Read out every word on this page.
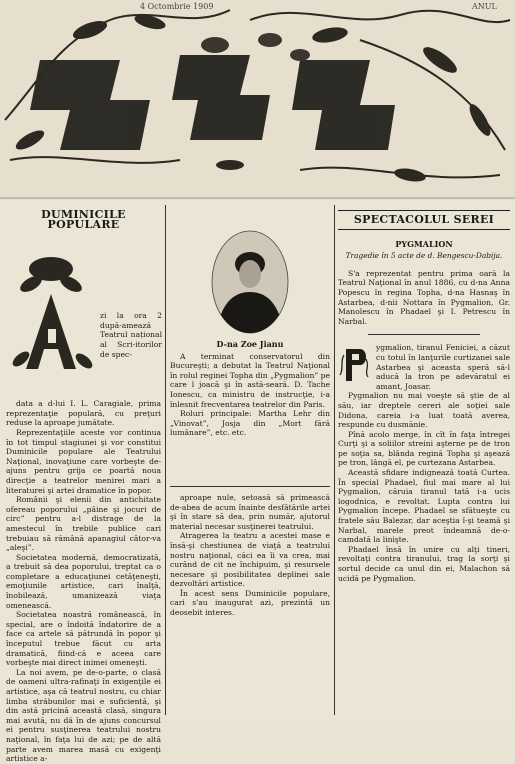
4 Octombrie 1909	ANUL
DUMINICILE POPULARE
zi la ora 2 după-amează Teatrul național al Scri-itorilor de spec-

data a d-lui I. L. Caragiale, prima reprezentaţie populară, cu preţuri reduse la aproape jumătate.

Reprezentaţiile aceste vor continua în tot timpul stagiunei şi vor constitui Duminicile populare ale Teatrului Naţional, inovaţiune care vorbeşte de-ajuns pentru grija ce poartă noua direcţie a teatrelor menirei mari a literaturei şi artei dramatice în popor.

Românii şi elenii din antichitate ofereau poporului „pâine şi jocuri de circ” pentru a-l distrage de la amestecul în trebile publice cari trebuiau să rămână apanagiul câtor-va „aleşi”.

Societatea modernă, democratizată, a trebuit să dea poporului, treptat ca o completare a educaţiunei cetăţeneşti, emoţiunile artistice, cari înalţă, înobilează, umanizează viaţa omenească.

Societatea noastră românească, în special, are o îndoită îndatorire de a face ca artele să pătrundă în popor şi începutul trebue făcut cu arta dramatică, fiind-că e aceea care vorbeşte mai direct inimei omeneşti.

La noi avem, pe de-o-parte, o clasă de oameni ultra-rafinaţi în exigenţile ei artistice, aşa că teatrul nostru, cu chiar limba străbunilor mai e suficientă, şi din astă pricină această clasă, singura mai avută, nu dă în de ajuns concursul ei pentru susţinerea teatrului nostru naţional, în faţa lui de azi; pe de altă parte avem marea masă cu exigenţi artistice a-

D-na Zoe Jianu

A terminat conservatorul din Bucureşti; a debutat la Teatrul Naţional în rolul reginei Topha din „Pygmalion” pe care l joacă şi în astă-seară. D. Tache Ionescu, ca ministru de instrucţie, i-a înlesnit frecventarea teatrelor din Paris.

Roluri principale: Martha Lehr din „Vinovat”, Josja din „Mort fără lumânare”, etc. etc.

aproape nule, setoasă să primească de-abea de acum înainte desfătările artei şi în stare să dea, prin număr, ajutorul material necesar susţinerei teatrului.

Atragerea la teatru a acestei mase e însă-şi chestiunea de viaţă a teatrului nostru naţional, căci ea îi va crea, mai curând de cit ne închipuim, şi resursele necesare şi posibilitatea deplinei sale dezvoltări artistice.

În acest sens Duminicile populare, cari s'au inaugurat azi, prezintă un deosebit interes.

SPECTACOLUL SEREI
PYGMALION
Tragedie în 5 acte de d. Bengescu-Dabija.

S'a reprezentat pentru prima oară la Teatrul Naţional în anul 1886, cu d-na Anna Popescu în regina Topha, d-na Hasnaş în Astarbea, d-nii Nottara în Pygmalion, Gr. Manolescu în Phadael şi I. Petrescu în Narbal.

P	ygmalion, tiranul Feniciei, a căzut cu totul în lanţurile curtizanei sale Astarbea şi aceasta speră să-l aducă la tron pe adevăratul ei amant, Joasar.

Pygmalion nu mai voeşte să ştie de al său, iar dreptele cereri ale soţiei sale Didona, careia i-a luat toată averea, respunde cu dusmănie.

Pînă acolo merge, în cît în faţa întregei Curţi şi a soliilor streini aşterne pe de tron pe soţia sa, blânda regină Topha şi aşează pe tron, lângă el, pe curtezana Astarbea.

Această sfidare indignează toată Curtea. În special Phadael, fiul mai mare al lui Pygmalion, căruia tiranul tată i-a ucis logodnica, e revoltat. Lupta contra lui Pygmalion începe. Phadael se sfătueşte cu fratele său Balezar, dar aceştia î-şi teamă şi Narbal, marele preot îndeamnă de-o-camdată la linişte.

Phadael însă în unire cu alţi tineri, revoltaţi contra tiranului, trag la sorţi şi sortul decide ca unul din ei, Malachon să ucidă pe Pygmalion.
